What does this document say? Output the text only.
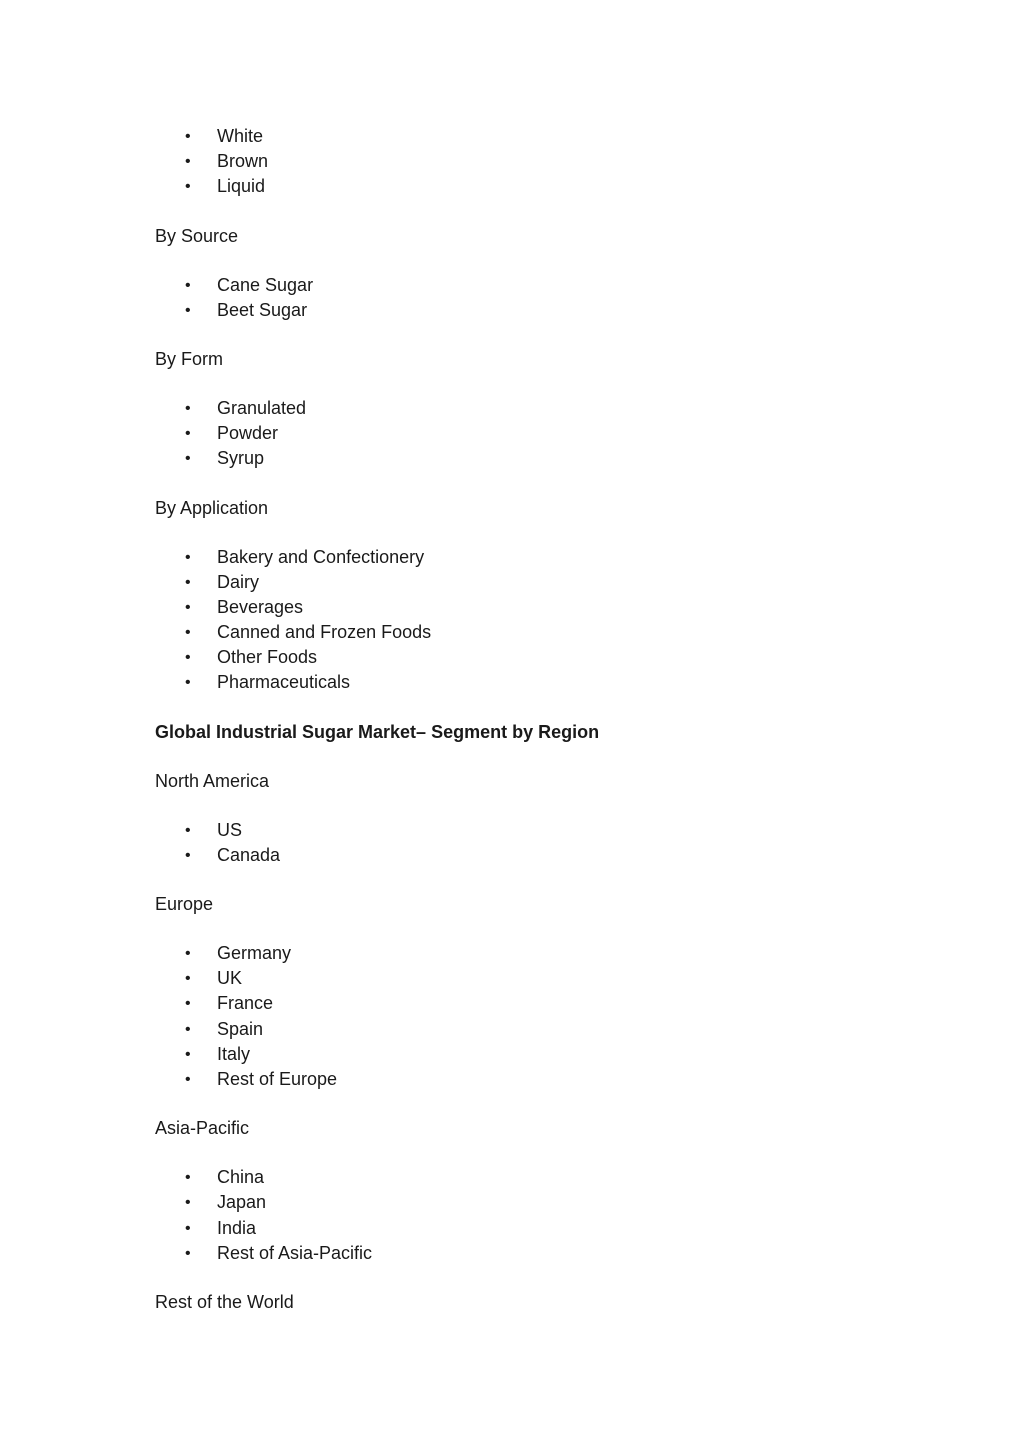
• White
• Brown
• Liquid

By Source

• Cane Sugar
• Beet Sugar

By Form

• Granulated
• Powder
• Syrup

By Application

• Bakery and Confectionery
• Dairy
• Beverages
• Canned and Frozen Foods
• Other Foods
• Pharmaceuticals

Global Industrial Sugar Market– Segment by Region

North America

• US
• Canada

Europe

• Germany
• UK
• France
• Spain
• Italy
• Rest of Europe

Asia-Pacific

• China
• Japan
• India
• Rest of Asia-Pacific

Rest of the World
